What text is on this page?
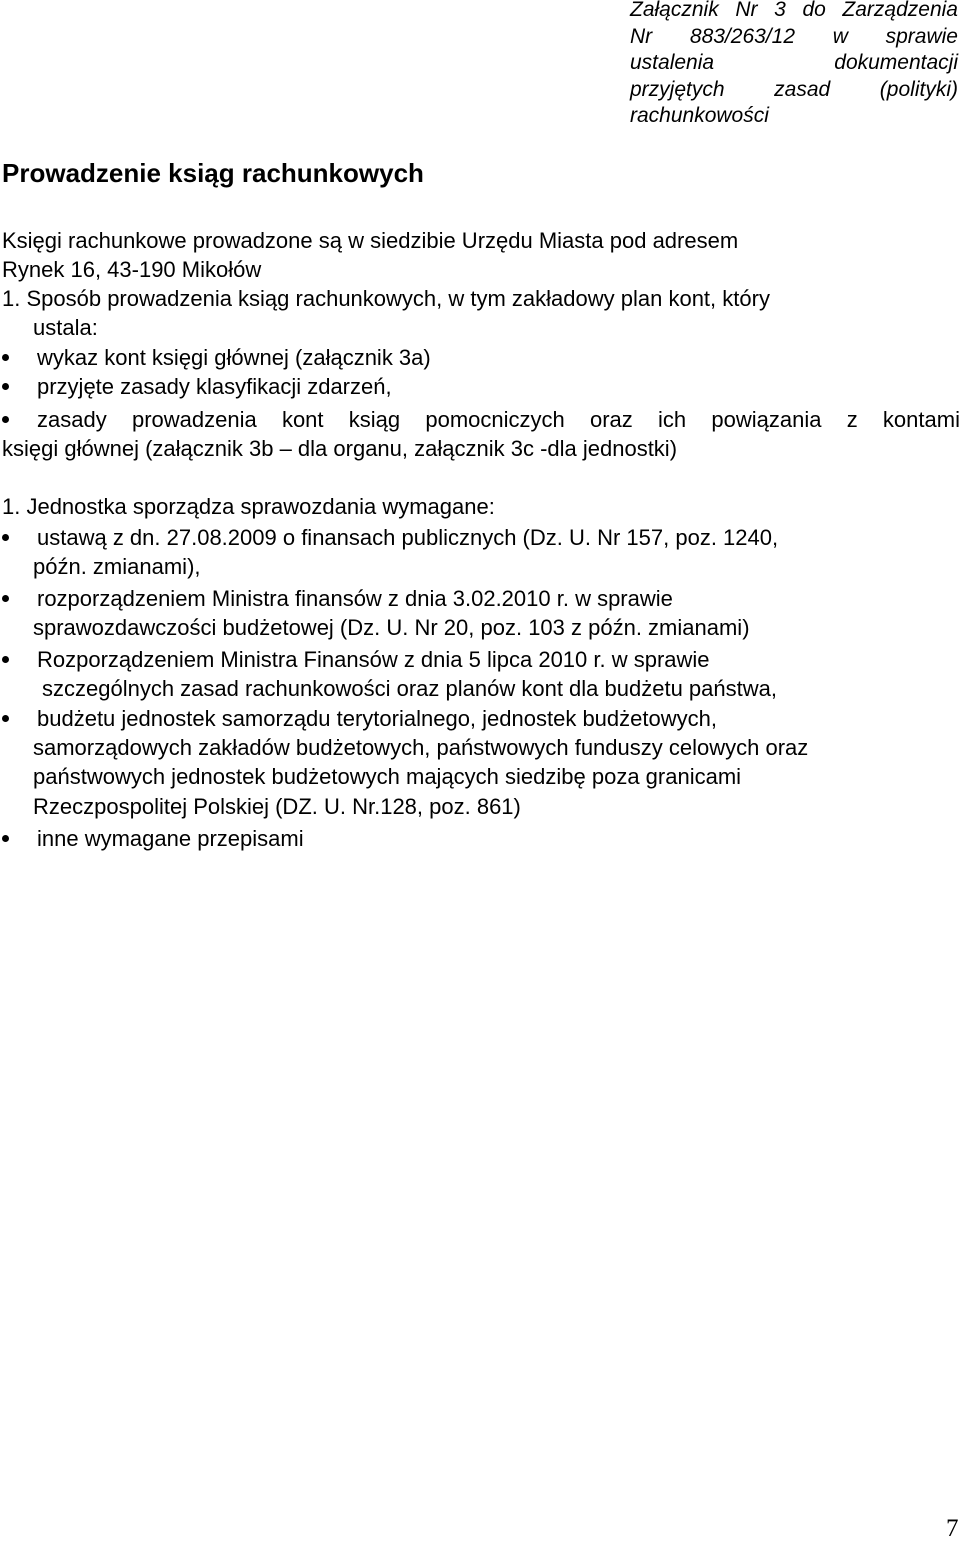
Załącznik Nr 3 do Zarządzenia
Nr 883/263/12 w sprawie
ustalenia	dokumentacji
przyjętych zasad (polityki)
rachunkowości
Prowadzenie ksiąg rachunkowych

Księgi rachunkowe prowadzone są w siedzibie Urzędu Miasta pod adresem

Rynek 16, 43-190 Mikołów

1. Sposób prowadzenia ksiąg rachunkowych, w tym zakładowy plan kont, który

ustala:

wykaz kont księgi głównej (załącznik 3a)
przyjęte zasady klasyfikacji zdarzeń,
zasady prowadzenia kont ksiąg pomocniczych oraz ich powiązania z kontami

księgi głównej (załącznik 3b – dla organu, załącznik 3c -dla jednostki)

1. Jednostka sporządza sprawozdania wymagane:

ustawą z dn. 27.08.2009 o finansach publicznych (Dz. U. Nr 157, poz. 1240,

późn. zmianami),

rozporządzeniem Ministra finansów z dnia 3.02.2010 r. w sprawie

sprawozdawczości budżetowej (Dz. U. Nr 20, poz. 103 z późn. zmianami)

Rozporządzeniem Ministra Finansów z dnia 5 lipca 2010 r. w sprawie

szczególnych zasad rachunkowości oraz planów kont dla budżetu państwa,

budżetu jednostek samorządu terytorialnego, jednostek budżetowych,

samorządowych zakładów budżetowych, państwowych funduszy celowych oraz

państwowych jednostek budżetowych mających siedzibę poza granicami

Rzeczpospolitej Polskiej (DZ. U. Nr.128, poz. 861)

inne wymagane przepisami
7
